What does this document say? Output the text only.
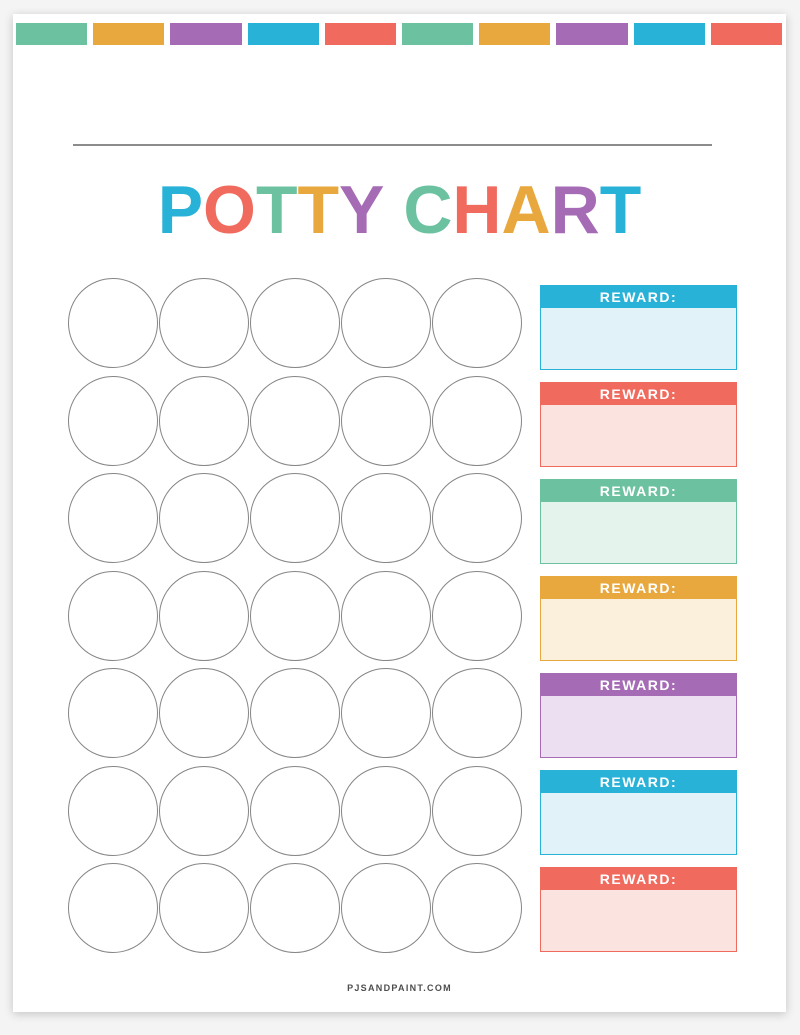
POTTY CHART
REWARD:
REWARD:
REWARD:
REWARD:
REWARD:
REWARD:
REWARD:
PJSANDPAINT.COM
